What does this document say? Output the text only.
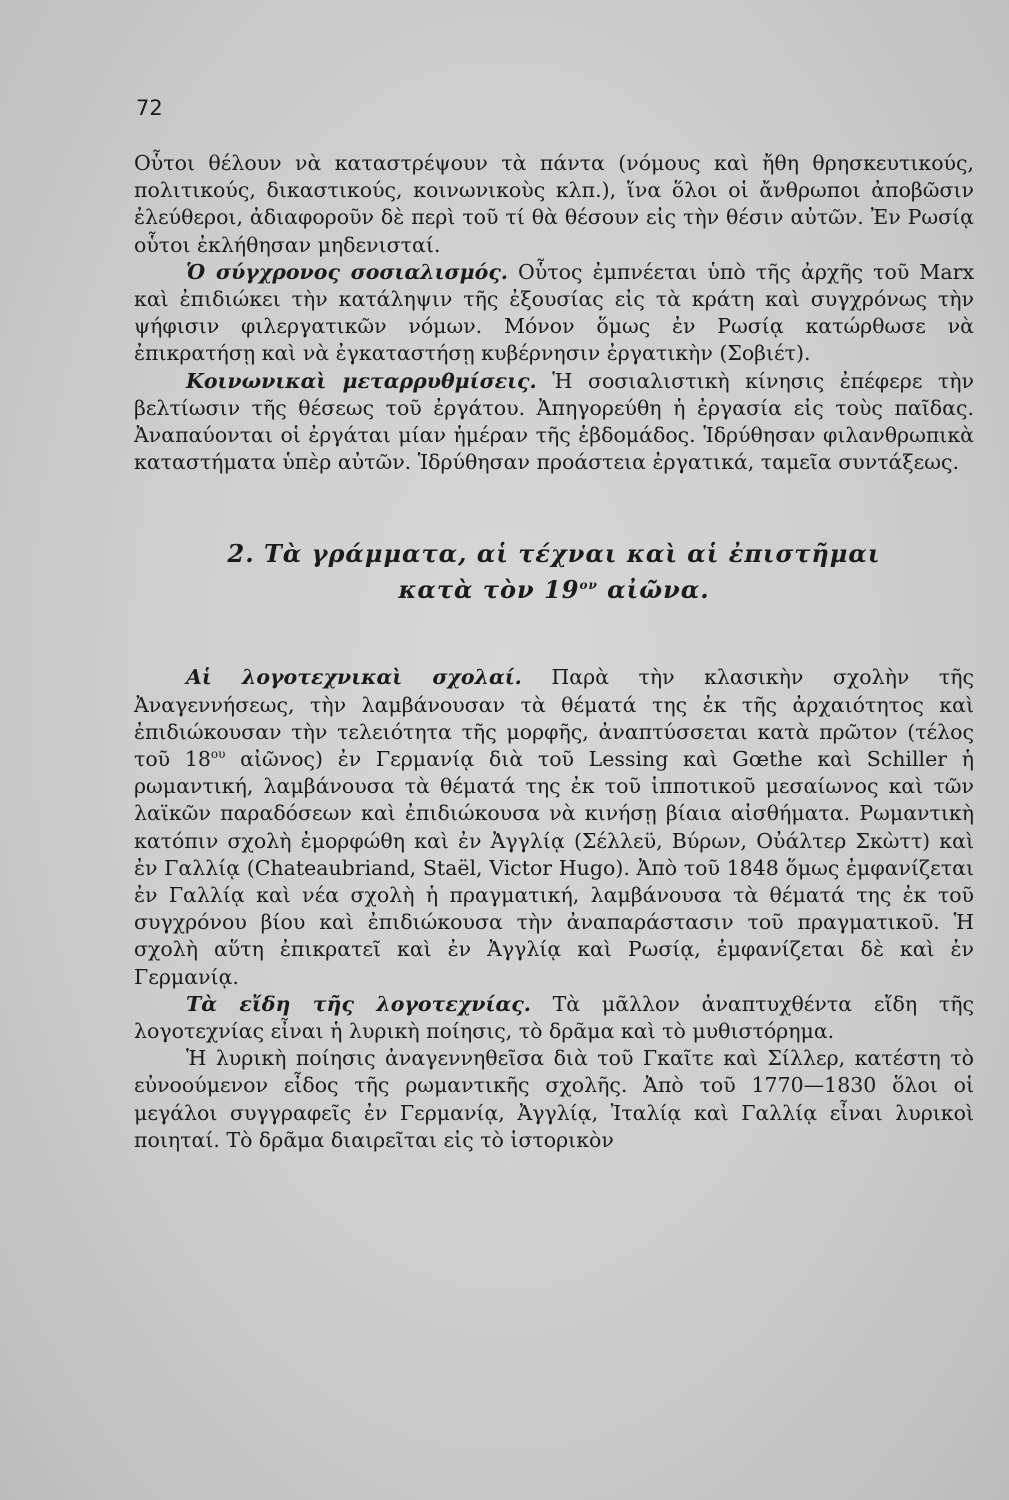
72

Οὗτοι θέλουν νὰ καταστρέψουν τὰ πάντα (νόμους καὶ ἤθη θρησκευτικούς, πολιτικούς, δικαστικούς, κοινωνικοὺς κλπ.), ἵνα ὅλοι οἱ ἄνθρωποι ἀποβῶσιν ἐλεύθεροι, ἀδιαφοροῦν δὲ περὶ τοῦ τί θὰ θέσουν εἰς τὴν θέσιν αὐτῶν. Ἐν Ρωσίᾳ οὗτοι ἐκλήθησαν μηδενισταί.

Ὁ σύγχρονος σοσιαλισμός. Οὗτος ἐμπνέεται ὑπὸ τῆς ἀρχῆς τοῦ Marx καὶ ἐπιδιώκει τὴν κατάληψιν τῆς ἐξουσίας εἰς τὰ κράτη καὶ συγχρόνως τὴν ψήφισιν φιλεργατικῶν νόμων. Μόνον ὅμως ἐν Ρωσίᾳ κατώρθωσε νὰ ἐπικρατήσῃ καὶ νὰ ἐγκαταστήσῃ κυβέρνησιν ἐργατικὴν (Σοβιέτ).

Κοινωνικαὶ μεταρρυθμίσεις. Ἡ σοσιαλιστικὴ κίνησις ἐπέφερε τὴν βελτίωσιν τῆς θέσεως τοῦ ἐργάτου. Ἀπηγορεύθη ἡ ἐργασία εἰς τοὺς παῖδας. Ἀναπαύονται οἱ ἐργάται μίαν ἡμέραν τῆς ἑβδομάδος. Ἱδρύθησαν φιλανθρωπικὰ καταστήματα ὑπὲρ αὐτῶν. Ἱδρύθησαν προάστεια ἐργατικά, ταμεῖα συντάξεως.

2. Τὰ γράμματα, αἱ τέχναι καὶ αἱ ἐπιστῆμαι
κατὰ τὸν $19^{o\nu}$ αἰῶνα.

Αἱ λογοτεχνικαὶ σχολαί. Παρὰ τὴν κλασικὴν σχολὴν τῆς Ἀναγεννήσεως, τὴν λαμβάνουσαν τὰ θέματά της ἐκ τῆς ἀρχαιότητος καὶ ἐπιδιώκουσαν τὴν τελειότητα τῆς μορφῆς, ἀναπτύσσεται κατὰ πρῶτον (τέλος τοῦ $18^{o\upsilon}$ αἰῶνος) ἐν Γερμανίᾳ διὰ τοῦ Lessing καὶ Gœthe καὶ Schiller ἡ ρωμαντική, λαμβάνουσα τὰ θέματά της ἐκ τοῦ ἱπποτικοῦ μεσαίωνος καὶ τῶν λαϊκῶν παραδόσεων καὶ ἐπιδιώκουσα νὰ κινήσῃ βίαια αἰσθήματα. Ρωμαντικὴ κατόπιν σχολὴ ἐμορφώθη καὶ ἐν Ἀγγλίᾳ (Σέλλεϋ, Βύρων, Οὐάλτερ Σκὼττ) καὶ ἐν Γαλλίᾳ (Chateaubriand, Staël, Victor Hugo). Ἀπὸ τοῦ 1848 ὅμως ἐμφανίζεται ἐν Γαλλίᾳ καὶ νέα σχολὴ ἡ πραγματική, λαμβάνουσα τὰ θέματά της ἐκ τοῦ συγχρόνου βίου καὶ ἐπιδιώκουσα τὴν ἀναπαράστασιν τοῦ πραγματικοῦ. Ἡ σχολὴ αὕτη ἐπικρατεῖ καὶ ἐν Ἀγγλίᾳ καὶ Ρωσίᾳ, ἐμφανίζεται δὲ καὶ ἐν Γερμανίᾳ.

Τὰ εἴδη τῆς λογοτεχνίας. Τὰ μᾶλλον ἀναπτυχθέντα εἴδη τῆς λογοτεχνίας εἶναι ἡ λυρικὴ ποίησις, τὸ δρᾶμα καὶ τὸ μυθιστόρημα.

Ἡ λυρικὴ ποίησις ἀναγεννηθεῖσα διὰ τοῦ Γκαῖτε καὶ Σίλλερ, κατέστη τὸ εὐνοούμενον εἶδος τῆς ρωμαντικῆς σχολῆς. Ἀπὸ τοῦ 1770—1830 ὅλοι οἱ μεγάλοι συγγραφεῖς ἐν Γερμανίᾳ, Ἀγγλίᾳ, Ἰταλίᾳ καὶ Γαλλίᾳ εἶναι λυρικοὶ ποιηταί. Τὸ δρᾶμα διαιρεῖται εἰς τὸ ἱστορικὸν
